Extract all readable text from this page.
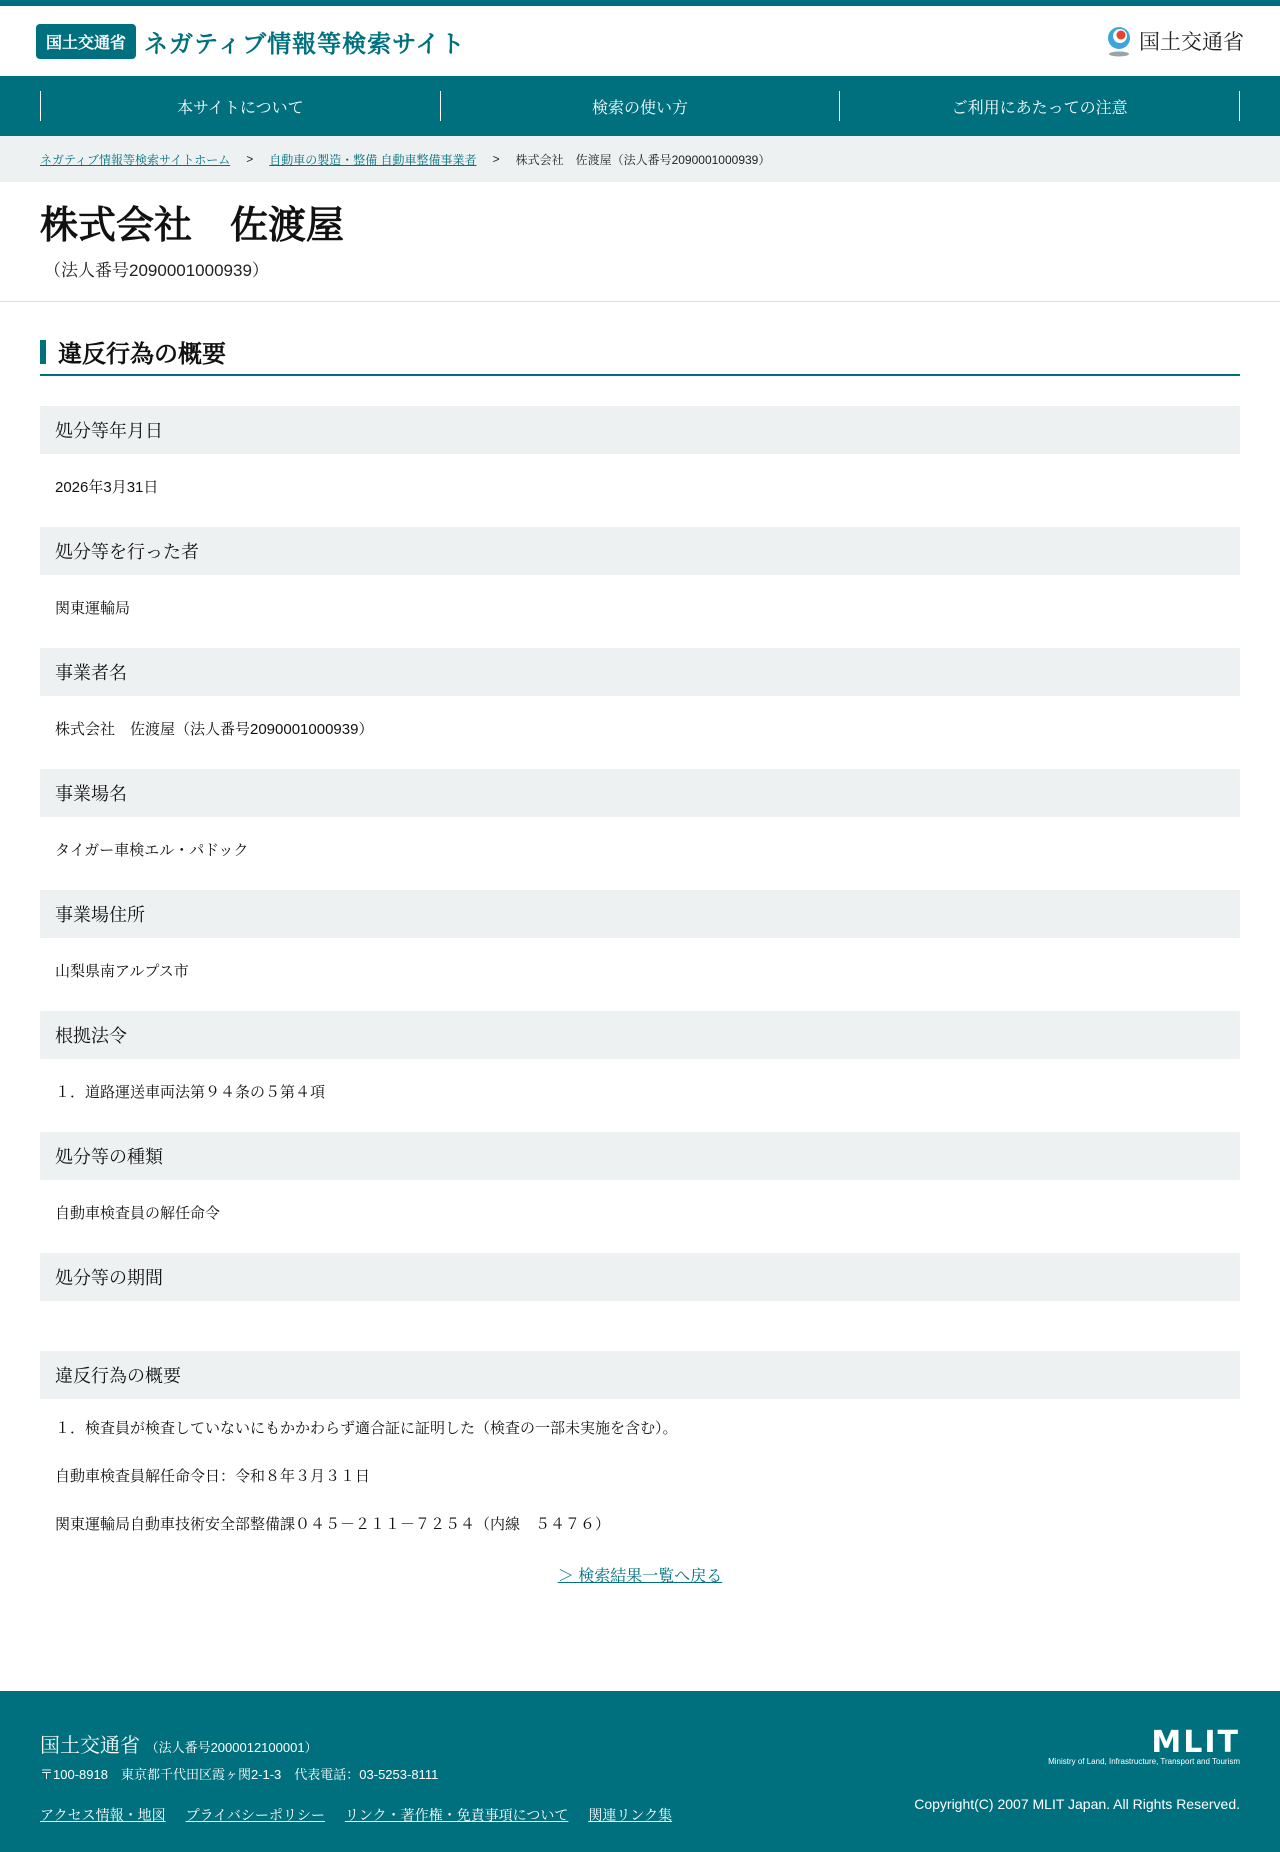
国土交通省 ネガティブ情報等検索サイト	国土交通省
本サイトについて	検索の使い方	ご利用にあたっての注意
ネガティブ情報等検索サイトホーム > 自動車の製造・整備 自動車整備事業者 > 株式会社　佐渡屋（法人番号2090001000939）
株式会社　佐渡屋
（法人番号2090001000939）
違反行為の概要
処分等年月日
2026年3月31日
処分等を行った者
関東運輸局
事業者名
株式会社　佐渡屋（法人番号2090001000939）
事業場名
タイガー車検エル・パドック
事業場住所
山梨県南アルプス市
根拠法令
１．道路運送車両法第９４条の５第４項
処分等の種類
自動車検査員の解任命令
処分等の期間
違反行為の概要

１．検査員が検査していないにもかかわらず適合証に証明した（検査の一部未実施を含む）。

自動車検査員解任命令日：令和８年３月３１日

関東運輸局自動車技術安全部整備課０４５－２１１－７２５４（内線　５４７６）

＞ 検索結果一覧へ戻る
国土交通省 （法人番号2000012100001）
〒100-8918　東京都千代田区霞ヶ関2-1-3　代表電話：03-5253-8111
アクセス情報・地図 プライバシーポリシー リンク・著作権・免責事項について 関連リンク集
MLIT
Ministry of Land, Infrastructure, Transport and Tourism
Copyright(C) 2007 MLIT Japan. All Rights Reserved.
